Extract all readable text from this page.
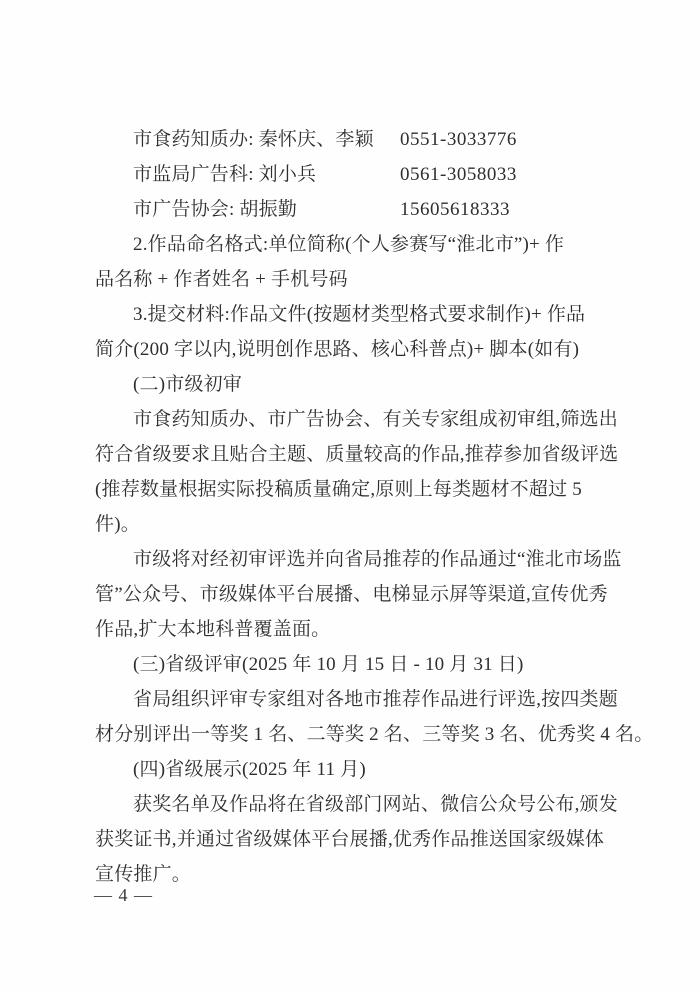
市食药知质办: 秦怀庆、李颖 0551-3033776
市监局广告科: 刘小兵	0561-3058033
市广告协会: 胡振勤	15605618333
2.作品命名格式:单位简称(个人参赛写“淮北市”)+ 作
品名称 + 作者姓名 + 手机号码
3.提交材料:作品文件(按题材类型格式要求制作)+ 作品
简介(200 字以内,说明创作思路、核心科普点)+ 脚本(如有)
(二)市级初审
市食药知质办、市广告协会、有关专家组成初审组,筛选出
符合省级要求且贴合主题、质量较高的作品,推荐参加省级评选
(推荐数量根据实际投稿质量确定,原则上每类题材不超过 5
件)。
市级将对经初审评选并向省局推荐的作品通过“淮北市场监
管”公众号、市级媒体平台展播、电梯显示屏等渠道,宣传优秀
作品,扩大本地科普覆盖面。
(三)省级评审(2025 年 10 月 15 日 - 10 月 31 日)
省局组织评审专家组对各地市推荐作品进行评选,按四类题
材分别评出一等奖 1 名、二等奖 2 名、三等奖 3 名、优秀奖 4 名。
(四)省级展示(2025 年 11 月)
获奖名单及作品将在省级部门网站、微信公众号公布,颁发
获奖证书,并通过省级媒体平台展播,优秀作品推送国家级媒体
宣传推广。
— 4 —
